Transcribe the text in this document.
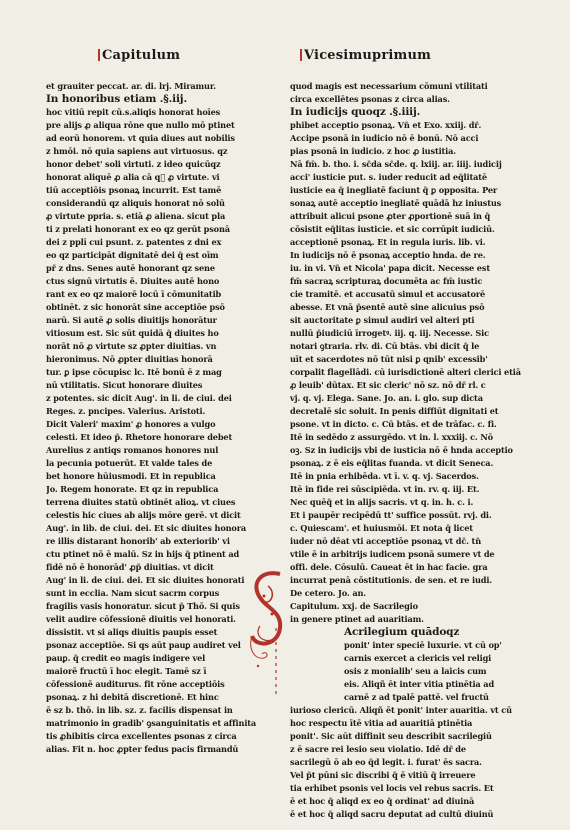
Capitulum	Vicesimuprimum
et grauiter peccat. ar. di. lrj. Miramur.
In honoribus etiam .§.iij.
hoc vitiū repit cū.s.aliqis honorat hoīes
pre alijs ꝓ aliqua rōne que nullo mō ptinet
ad eorū honorem. vt quia diues aut nobilis
z hmōi. nō quia sapiens aut virtuosus. qz
honor debet' soli virtuti. z ideo quicūqz
honorat aliquē ꝓ alia cā qᷓ ꝓ virtute. vi
tiū acceptiōis psonaꝝ incurrit. Est tamē
considerandū qz aliquis honorat nō solū
ꝓ virtute ppria. s. etiā ꝓ aliena. sicut pla
ti z prelati honorant ex eo qz gerūt psonā
dei z pplī cui psunt. z. patentes z dni ex
eo qz participāt dignitatē dei q̄ est oīm
pr̄ z dns. Senes autē honorant qz sene
ctus signū virtutis ē. Diuites autē hono
rant ex eo qz maiorē locū ī cōmunitatib
obtinēt. z sic honorāt sine acceptiōe psō
narū. Si autē ꝓ solis diuitijs honorātur
vitiosum est. Sic sūt quidā q̄ diuites ho
norāt nō ꝓ virtute sz ꝓpter diuitias. vn
hieronimus. Nō ꝓpter diuitias honorā
tur. ꝑ ipse cōcupisc lc. Itē bonū ē z mag
nū vtilitatis. Sicut honorare diuites
z potentes. sic dicit Aug'. in li. de ciui. dei
Reges. z. pncipes. Valerius. Aristoti.
Dicit Valeri' maxim' ꝓ honores a vulgo
celesti. Et ideo p̄. Rhetore honorare debet
Aurelius z antiqs romanos honores nul
la pecunia potuerūt. Et valde tales de
bet honore hūiusmodi. Et in republica
Jo. Regem honorate. Et qz in republica
terrena diuites statū obtinēt alioꝝ. vt ciues
celestis hic ciues ab alijs mōre gerē. vt dicit
Aug'. in lib. de ciui. dei. Et sic diuites honora
re illis distarant honorib' ab exteriorib' vi
ctu ptinet nō ē malū. Sz in hijs q̄ ptinent ad
fidē nō ē honorād' ꝓp̄ diuitias. vt dicit
Aug' in li. de ciui. dei. Et sic diuites honorati
sunt in ecclia. Nam sicut sacrm corpus
fragilis vasis honoratur. sicut p̄ Thō. Si quis
velit audire cōfessionē diuitis vel honorati.
dissistit. vt si aliqs diuitis paupis esset
psonaz acceptiōe. Si qs aūt pauꝑ audiret vel
pauꝑ. q̄ credit eo magis indigere vel
maiorē fructū ī hoc elegit. Tamē sz ī
cōfessionē auditurus. fit rōne acceptiōis
psonaꝝ. z hi debitā discretionē. Et hinc
ē sz b. thō. in lib. sz. z. facilis dispensat in
matrimonio in gradib' ꝯsanguinitatis et affinita
tis ꝓhibitis circa excellentes psonas z circa
alias. Fit n. hoc ꝓpter fedus pacis firmandū
quod magis est necessarium cōmuni vtilitati
circa excellētes psonas z circa alias.
In iudicijs quoqz .§.iiij.
phibet acceptio psonaꝝ. Vn̄ et Exo. xxiij. dr̄.
Accipe psonā in iudicio nō ē bonū. Nō acci
pias psonā in iudicio. z hoc ꝓ iustitia.
Nā fm̄. b. tho. i. sc̄da sc̄de. q. lxiij. ar. iiij. iudicij
acci' iusticie put. s. iuder reducit ad eq̄litatē
iusticie ea q̄ inegliatē faciunt q̄ ꝑ opposita. Per
sonaꝝ autē acceptio inegliatē quādā hz iniustus
attribuit alicui psone ꝓter ꝓportionē suā in q̄
cōsistit eq̄litas iusticie. et sic corrūpit iudiciū.
acceptionē psonaꝝ. Et in regula iuris. lib. vi.
In iudicijs nō ē psonaꝝ acceptio hnda. de re.
iu. in vi. Vn̄ et Nicola' papa dicit. Necesse est
fm̄ sacraꝝ scripturaꝝ documēta ac fm̄ iustic
cie tramitē. et accusatū simul et accusatorē
abesse. Et vnā p̄sentē autē sine alicuius psō
sit auctoritate ꝑ simul audiri vel alteri pti
nullū p̄iudiciū īrrogetꝰ. iij. q. iij. Necesse. Sic
notari ꝯtraria. rlv. di. Cū btās. vbi dicit q̄ le
uīt et sacerdotes nō tūt nisi ꝑ ɋnib' excessib'
corpalit flagellādi. cū iurisdictionē alteri clerici etiā
ꝓ leuib' dūtax. Et sic cleric' nō sz. nō dr̄ rl. c
vj. q. vj. Elega. Sane. Jo. an. i. glo. sup dicta
decretalē sic soluit. In penis diffiūt dignitati et
psone. vt in dicto. c. Cū btās. et de trāfac. c. fi.
Itē in sedēdo z assurgēdo. vt in. l. xxxiij. c. Nō
oꝫ. Sz in iudicijs vbi de iusticia nō ē hnda acceptio
psonaꝝ. z ē eis eq̄litas fuanda. vt dicit Seneca.
Itē in pnia erhibēda. vt ī. v. q. vj. Sacerdos.
Itē in fide rei sūscipiēda. vt in. rv. q. iij. Et.
Nec quēq̄ et in alijs sacris. vt q. in. h. c. i.
Et i paupēr recipēdū tt' suffice possūt. rvj. di.
c. Quiescam'. et huiusmōi. Et nota q̄ licet
iuder nō dēat vti acceptiōe psonaꝝ vt dc̄. tn̄
vtile ē in arbitrijs iudicem psonā sumere vt de
offi. dele. Cōsulū. Caueat ēt in hac facie. gra
incurrat penā cōstitutionis. de sen. et re iudi.
De cetero. Jo. an.
Capitulum. xxj. de Sacrilegio
in genere ptinet ad auaritiam.
Acrilegium quādoqz
ponit' inter speciē luxurie. vt cū op'
carnis exercet a clericis vel religi
osis z monialib' seu a laicis cum
eis. Aliqñ ēt inter vitia ptinētia ad
carnē z ad tpalē pattē. vel fructū
iurioso clericū. Aliqñ ēt ponit' inter auaritia. vt cū
hoc respectu ītē vitia ad auaritiā ptinētia
ponit'. Sic aūt diffinit seu describit sacrilegiū
z ē sacre rei lesio seu violatio. Idē dr̄ de
sacrilegū ō ab eo q̄d legit. i. furat' ēs sacra.
Vel p̄t pūni sic discribi q̄ ē vitiū q̄ irreuere
tia erhibet psonis vel locis vel rebus sacris. Et
ē et hoc q̄ aliqd ex eo q̄ ordinat' ad diuinā
ē et hoc q̄ aliqd sacru deputat ad cultū diuinū
